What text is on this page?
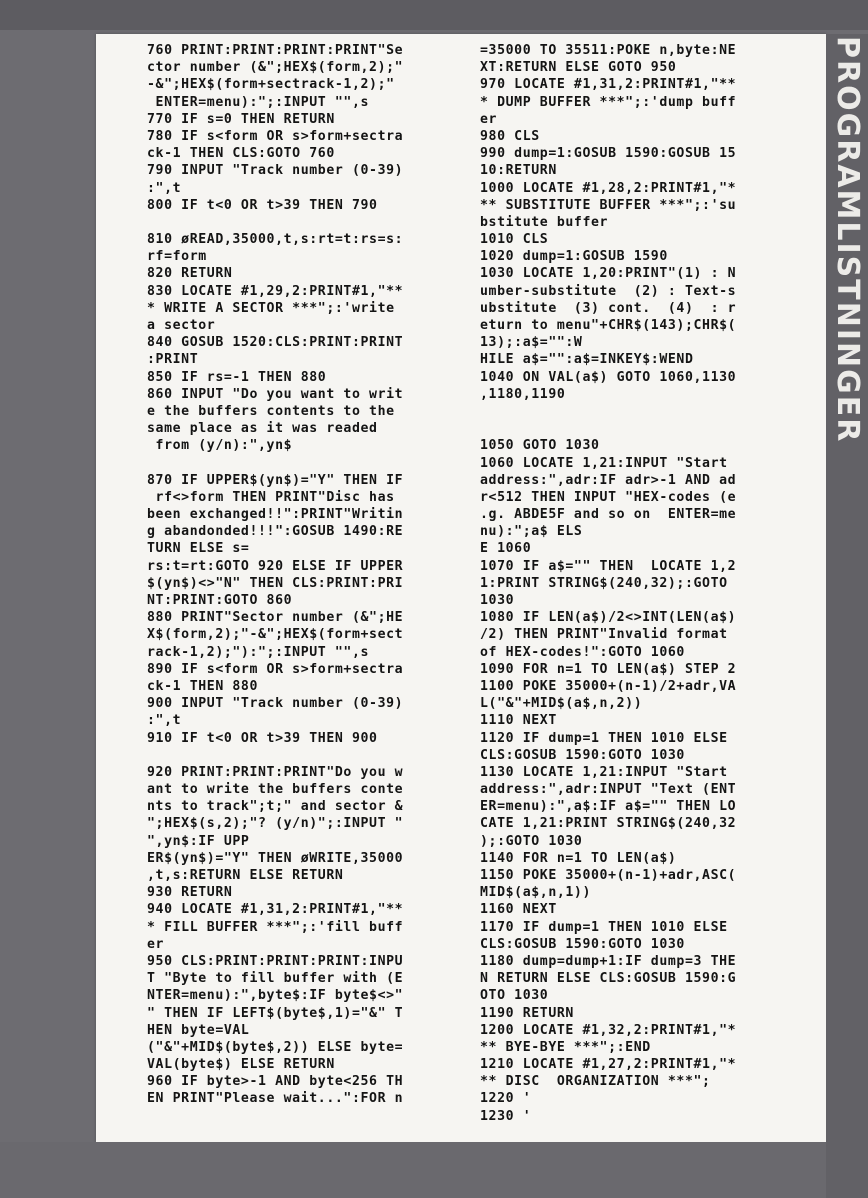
PROGRAMLISTNINGER
760 PRINT:PRINT:PRINT:PRINT"Se
ctor number (&";HEX$(form,2);"
-&";HEX$(form+sectrack-1,2);"
ENTER=menu):";:INPUT "",s
770 IF s=0 THEN RETURN
780 IF s<form OR s>form+sectra
ck-1 THEN CLS:GOTO 760
790 INPUT "Track number (0-39)
:",t
800 IF t<0 OR t>39 THEN 790
810 øREAD,35000,t,s:rt=t:rs=s:
rf=form
820 RETURN
830 LOCATE #1,29,2:PRINT#1,"**
* WRITE A SECTOR ***";:'write
a sector
840 GOSUB 1520:CLS:PRINT:PRINT
:PRINT
850 IF rs=-1 THEN 880
860 INPUT "Do you want to writ
e the buffers contents to the
same place as it was readed
from (y/n):",yn$
870 IF UPPER$(yn$)="Y" THEN IF
rf<>form THEN PRINT"Disc has
been exchanged!!":PRINT"Writin
g abandonded!!!":GOSUB 1490:RE
TURN ELSE s=
rs:t=rt:GOTO 920 ELSE IF UPPER
$(yn$)<>"N" THEN CLS:PRINT:PRI
NT:PRINT:GOTO 860
880 PRINT"Sector number (&";HE
X$(form,2);"-&";HEX$(form+sect
rack-1,2);"):";:INPUT "",s
890 IF s<form OR s>form+sectra
ck-1 THEN 880
900 INPUT "Track number (0-39)
:",t
910 IF t<0 OR t>39 THEN 900
920 PRINT:PRINT:PRINT"Do you w
ant to write the buffers conte
nts to track";t;" and sector &
";HEX$(s,2);"? (y/n)";:INPUT "
",yn$:IF UPP
ER$(yn$)="Y" THEN øWRITE,35000
,t,s:RETURN ELSE RETURN
930 RETURN
940 LOCATE #1,31,2:PRINT#1,"**
* FILL BUFFER ***";:'fill buff
er
950 CLS:PRINT:PRINT:PRINT:INPU
T "Byte to fill buffer with (E
NTER=menu):",byte$:IF byte$<>"
" THEN IF LEFT$(byte$,1)="&" T
HEN byte=VAL
("&"+MID$(byte$,2)) ELSE byte=
VAL(byte$) ELSE RETURN
960 IF byte>-1 AND byte<256 TH
EN PRINT"Please wait...":FOR n
=35000 TO 35511:POKE n,byte:NE
XT:RETURN ELSE GOTO 950
970 LOCATE #1,31,2:PRINT#1,"**
* DUMP BUFFER ***";:'dump buff
er
980 CLS
990 dump=1:GOSUB 1590:GOSUB 15
10:RETURN
1000 LOCATE #1,28,2:PRINT#1,"*
** SUBSTITUTE BUFFER ***";:'su
bstitute buffer
1010 CLS
1020 dump=1:GOSUB 1590
1030 LOCATE 1,20:PRINT"(1) : N
umber-substitute  (2) : Text-s
ubstitute  (3) cont.  (4)  : r
eturn to menu"+CHR$(143);CHR$(
13);:a$="":W
HILE a$="":a$=INKEY$:WEND
1040 ON VAL(a$) GOTO 1060,1130
,1180,1190
1050 GOTO 1030
1060 LOCATE 1,21:INPUT "Start
address:",adr:IF adr>-1 AND ad
r<512 THEN INPUT "HEX-codes (e
.g. ABDE5F and so on  ENTER=me
nu):";a$ ELS
E 1060
1070 IF a$="" THEN  LOCATE 1,2
1:PRINT STRING$(240,32);:GOTO
1030
1080 IF LEN(a$)/2<>INT(LEN(a$)
/2) THEN PRINT"Invalid format
of HEX-codes!":GOTO 1060
1090 FOR n=1 TO LEN(a$) STEP 2
1100 POKE 35000+(n-1)/2+adr,VA
L("&"+MID$(a$,n,2))
1110 NEXT
1120 IF dump=1 THEN 1010 ELSE
CLS:GOSUB 1590:GOTO 1030
1130 LOCATE 1,21:INPUT "Start
address:",adr:INPUT "Text (ENT
ER=menu):",a$:IF a$="" THEN LO
CATE 1,21:PRINT STRING$(240,32
);:GOTO 1030
1140 FOR n=1 TO LEN(a$)
1150 POKE 35000+(n-1)+adr,ASC(
MID$(a$,n,1))
1160 NEXT
1170 IF dump=1 THEN 1010 ELSE
CLS:GOSUB 1590:GOTO 1030
1180 dump=dump+1:IF dump=3 THE
N RETURN ELSE CLS:GOSUB 1590:G
OTO 1030
1190 RETURN
1200 LOCATE #1,32,2:PRINT#1,"*
** BYE-BYE ***";:END
1210 LOCATE #1,27,2:PRINT#1,"*
** DISC  ORGANIZATION ***";
1220 '
1230 '
